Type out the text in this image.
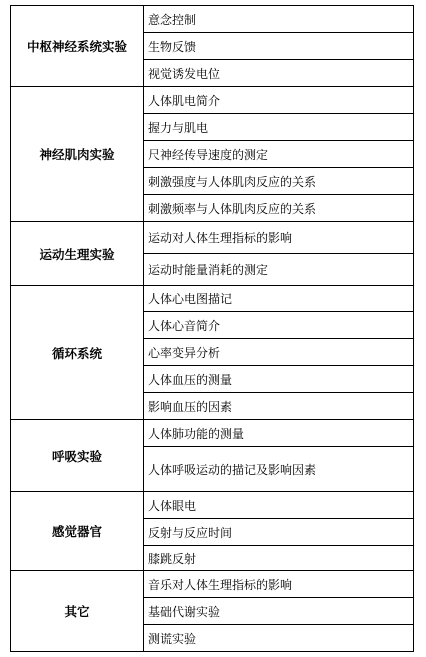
中枢神经系统实验	意念控制
	生物反馈
	视觉诱发电位
神经肌肉实验	人体肌电简介
	握力与肌电
	尺神经传导速度的测定
	刺激强度与人体肌肉反应的关系
	刺激频率与人体肌肉反应的关系
运动生理实验	运动对人体生理指标的影响
	运动时能量消耗的测定
循环系统	人体心电图描记
	人体心音简介
	心率变异分析
	人体血压的测量
	影响血压的因素
呼吸实验	人体肺功能的测量
	人体呼吸运动的描记及影响因素
感觉器官	人体眼电
	反射与反应时间
	膝跳反射
其它	音乐对人体生理指标的影响
	基础代谢实验
	测谎实验
